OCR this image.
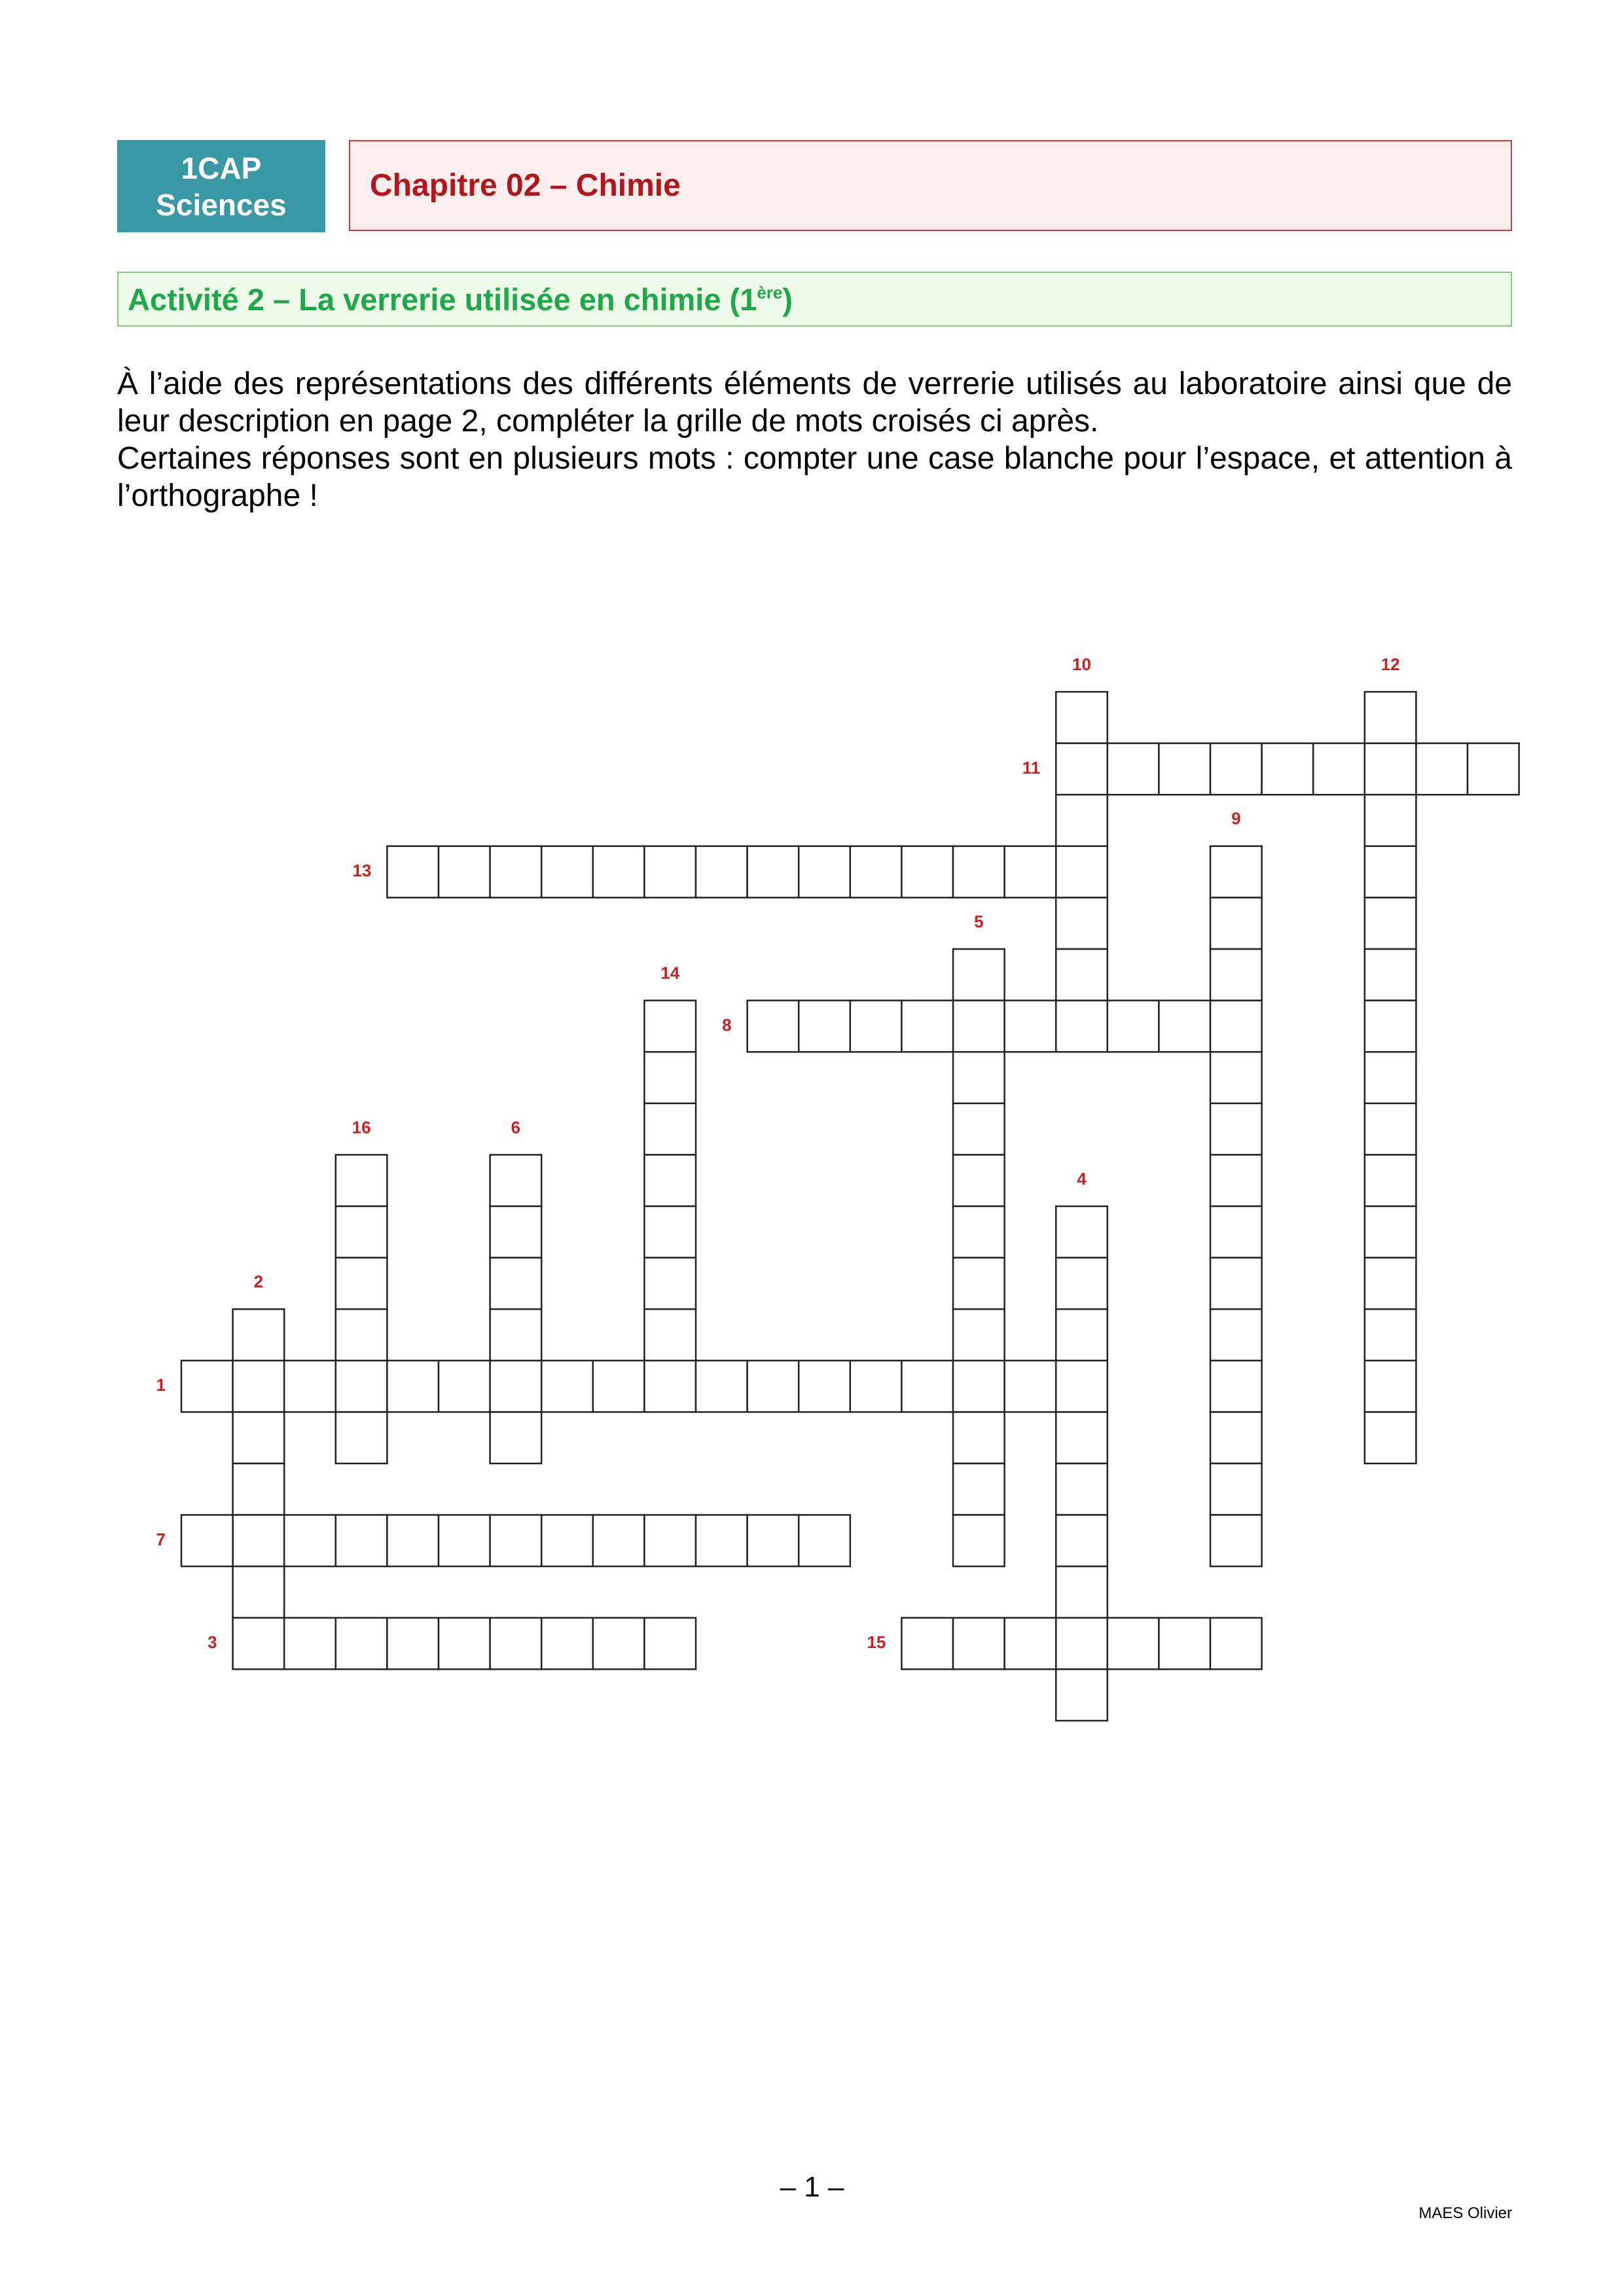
1CAP
Sciences
Chapitre 02 – Chimie
Activité 2 – La verrerie utilisée en chimie (1ère)

À l’aide des représentations des différents éléments de verrerie utilisés au laboratoire ainsi que de leur description en page 2, compléter la grille de mots croisés ci après.

Certaines réponses sont en plusieurs mots : compter une case blanche pour l’espace, et attention à l’orthographe !

1
2
3
4
5
6
7
8
9
10
11
12
13
14
15
16
– 1 –
MAES Olivier
